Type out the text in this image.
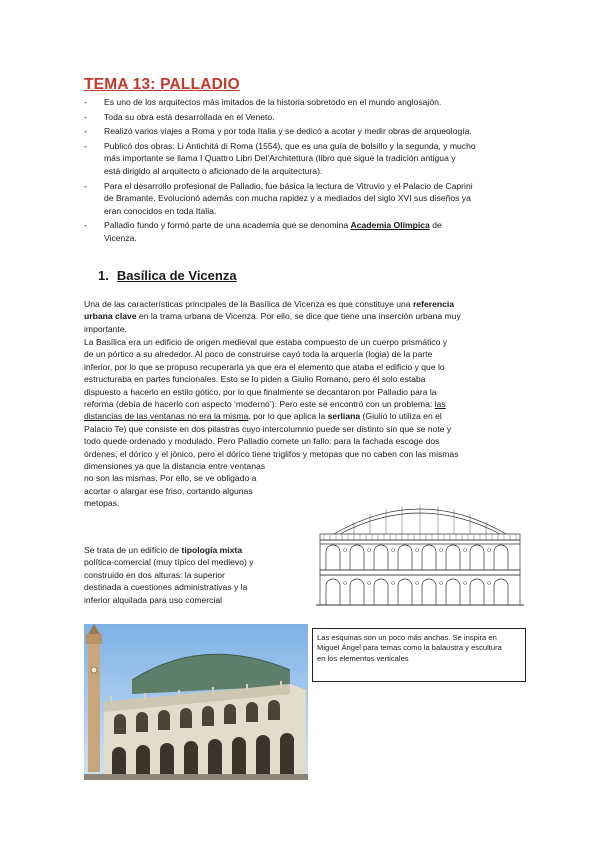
TEMA 13: PALLADIO
- Es uno de los arquitectos más imitados de la historia sobretodo en el mundo anglosajón.
- Toda su obra está desarrollada en el Veneto.
- Realizó varios viajes a Roma y por toda Italia y se dedicó a acotar y medir obras de arqueología.
- Publicó dos obras: Li Antichitá di Roma (1554), que es una guía de bolsillo y la segunda, y mucho
más importante se llama I Quattro Libri Del’Architettura (libro que sigue la tradición antigua y
está dirigido al arquitecto o aficionado de la arquitectura).
- Para el desarrollo profesional de Palladio, fue básica la lectura de Vitruvio y el Palacio de Caprini
de Bramante. Evolucionó además con mucha rapidez y a mediados del siglo XVI sus diseños ya
eran conocidos en toda Italia.
- Palladio fundo y formó parte de una academia que se denomina Academia Olímpica de
Vicenza.
1. Basílica de Vicenza

Una de las características principales de la Basílica de Vicenza es que constituye una referencia
urbana clave en la trama urbana de Vicenza. Por ello, se dice que tiene una inserción urbana muy
importante.

La Basílica era un edificio de origen medieval que estaba compuesto de un cuerpo prismático y
de un pórtico a su alrededor. Al poco de construirse cayó toda la arquería (logia) de la parte
inferior, por lo que se propuso recuperarla ya que era el elemento que ataba el edificio y que lo
estructuraba en partes funcionales. Esto se lo piden a Giulio Romano, pero él solo estaba
dispuesto a hacerlo en estilo gótico, por lo que finalmente se decantaron por Palladio para la
reforma (debía de hacerlo con aspecto ‘moderno’). Pero este se encontró con un problema: las
distancias de las ventanas no era la misma, por lo que aplica la serliana (Giulio lo utiliza en el
Palacio Te) que consiste en dos pilastras cuyo intercolumnio puede ser distinto sin que se note y
todo quede ordenado y modulado. Pero Palladio comete un fallo: para la fachada escoge dos
órdenes, el dórico y el jónico, pero el dórico tiene triglifos y metopas que no caben con las mismas
dimensiones ya que la distancia entre ventanas
no son las mismas. Por ello, se ve obligado a
acortar o alargar ese friso, cortando algunas
metopas.

Se trata de un edificio de tipología mixta
política-comercial (muy típico del medievo) y
construido en dos alturas: la superior
destinada a cuestiones administrativas y la
inferior alquilada para uso comercial

Las esquinas son un poco más anchas. Se inspira en
Miguel Ángel para temas como la balaustra y escultura
en los elementos verticales
